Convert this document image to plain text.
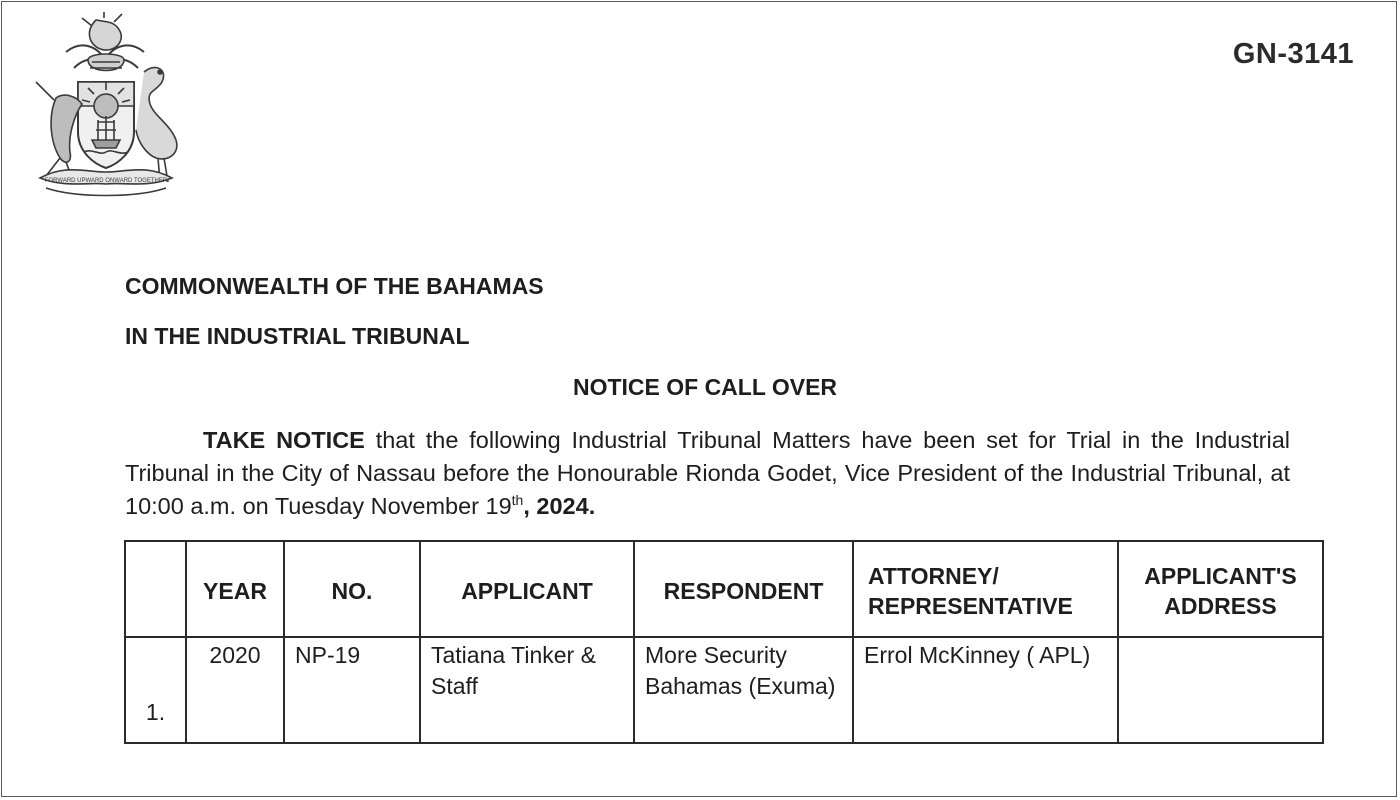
FORWARD UPWARD ONWARD TOGETHER
GN-3141
COMMONWEALTH OF THE BAHAMAS
IN THE INDUSTRIAL TRIBUNAL
NOTICE OF CALL OVER
TAKE NOTICE that the following Industrial Tribunal Matters have been set for Trial in the Industrial Tribunal in the City of Nassau before the Honourable Rionda Godet, Vice President of the Industrial Tribunal, at 10:00 a.m. on Tuesday November 19th, 2024.
	YEAR	NO.	APPLICANT	RESPONDENT	ATTORNEY/ REPRESENTATIVE	APPLICANT'S ADDRESS
1.	2020	NP-19	Tatiana Tinker & Staff	More Security Bahamas (Exuma)	Errol McKinney ( APL)	
